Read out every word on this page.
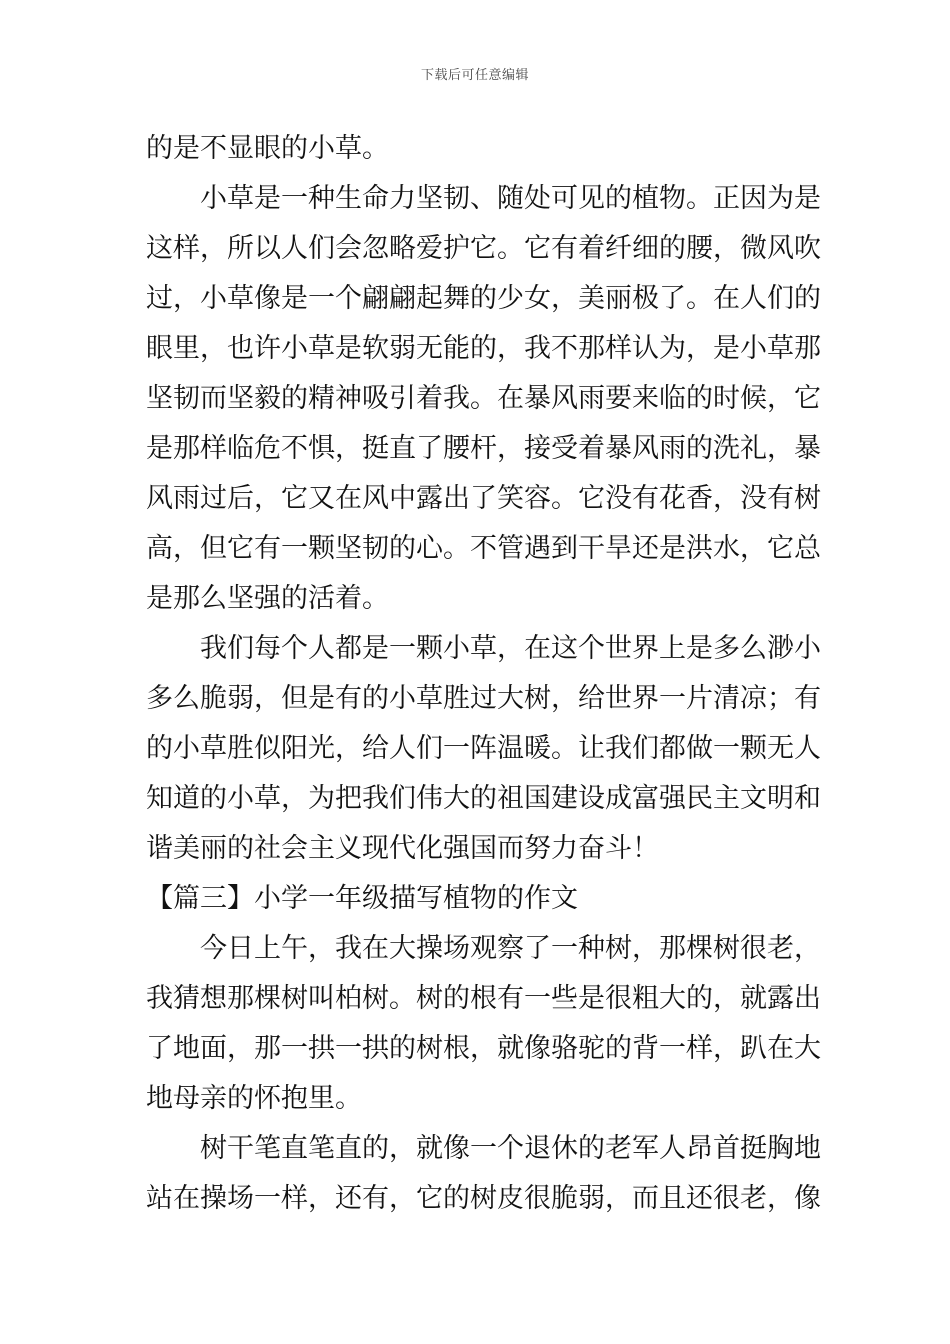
下载后可任意编辑
的是不显眼的小草。
小草是一种生命力坚韧、随处可见的植物。正因为是
这样，所以人们会忽略爱护它。它有着纤细的腰，微风吹
过，小草像是一个翩翩起舞的少女，美丽极了。在人们的
眼里，也许小草是软弱无能的，我不那样认为，是小草那
坚韧而坚毅的精神吸引着我。在暴风雨要来临的时候，它
是那样临危不惧，挺直了腰杆，接受着暴风雨的洗礼，暴
风雨过后，它又在风中露出了笑容。它没有花香，没有树
高，但它有一颗坚韧的心。不管遇到干旱还是洪水，它总
是那么坚强的活着。
我们每个人都是一颗小草，在这个世界上是多么渺小
多么脆弱，但是有的小草胜过大树，给世界一片清凉；有
的小草胜似阳光，给人们一阵温暖。让我们都做一颗无人
知道的小草，为把我们伟大的祖国建设成富强民主文明和
谐美丽的社会主义现代化强国而努力奋斗！
【篇三】小学一年级描写植物的作文
今日上午，我在大操场观察了一种树，那棵树很老，
我猜想那棵树叫柏树。树的根有一些是很粗大的，就露出
了地面，那一拱一拱的树根，就像骆驼的背一样，趴在大
地母亲的怀抱里。
树干笔直笔直的，就像一个退休的老军人昂首挺胸地
站在操场一样，还有，它的树皮很脆弱，而且还很老，像
